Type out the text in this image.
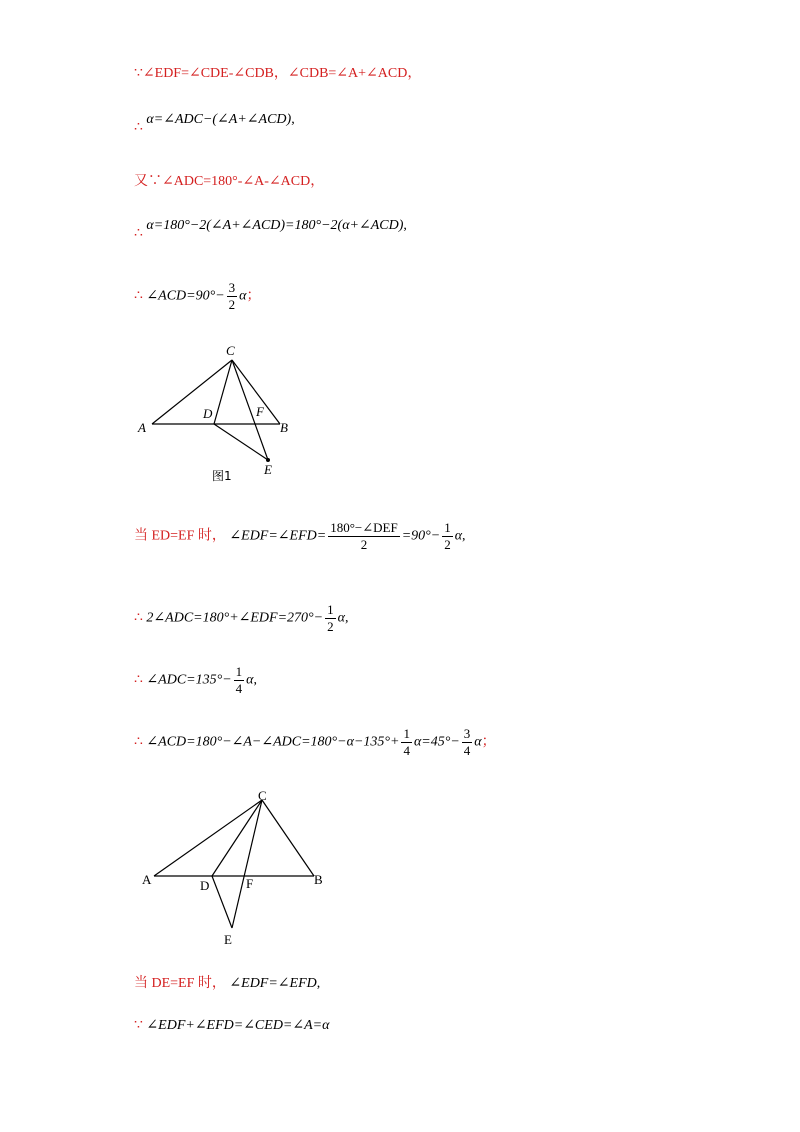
∵∠EDF=∠CDE-∠CDB，∠CDB=∠A+∠ACD，
∴ α=∠ADC−(∠A+∠ACD),
又∵∠ADC=180°-∠A-∠ACD，
∴ α=180°−2(∠A+∠ACD)=180°−2(α+∠ACD),
∴ ∠ACD=90°− $\frac{3}{2}$ α；
C
A	B
D	F
E
图1
当 ED=EF 时， ∠EDF=∠EFD= $\frac{\text{180°−∠DEF}}{2} =90^\circ- \frac{1}{2} \alpha$,
∴ 2∠ADC=180°+∠EDF=270°− $\frac{1}{2} \alpha$,
∴ ∠ADC=135°− $\frac{1}{4} \alpha$,
∴ ∠ACD=180°−∠A−∠ADC=180°−α−135°+ $\frac{1}{4} \alpha=45^\circ- \frac{3}{4}$ α；
C
A	B
D	F
E
当 DE=EF 时， ∠EDF=∠EFD,
∵ ∠EDF+∠EFD=∠CED=∠A=α
